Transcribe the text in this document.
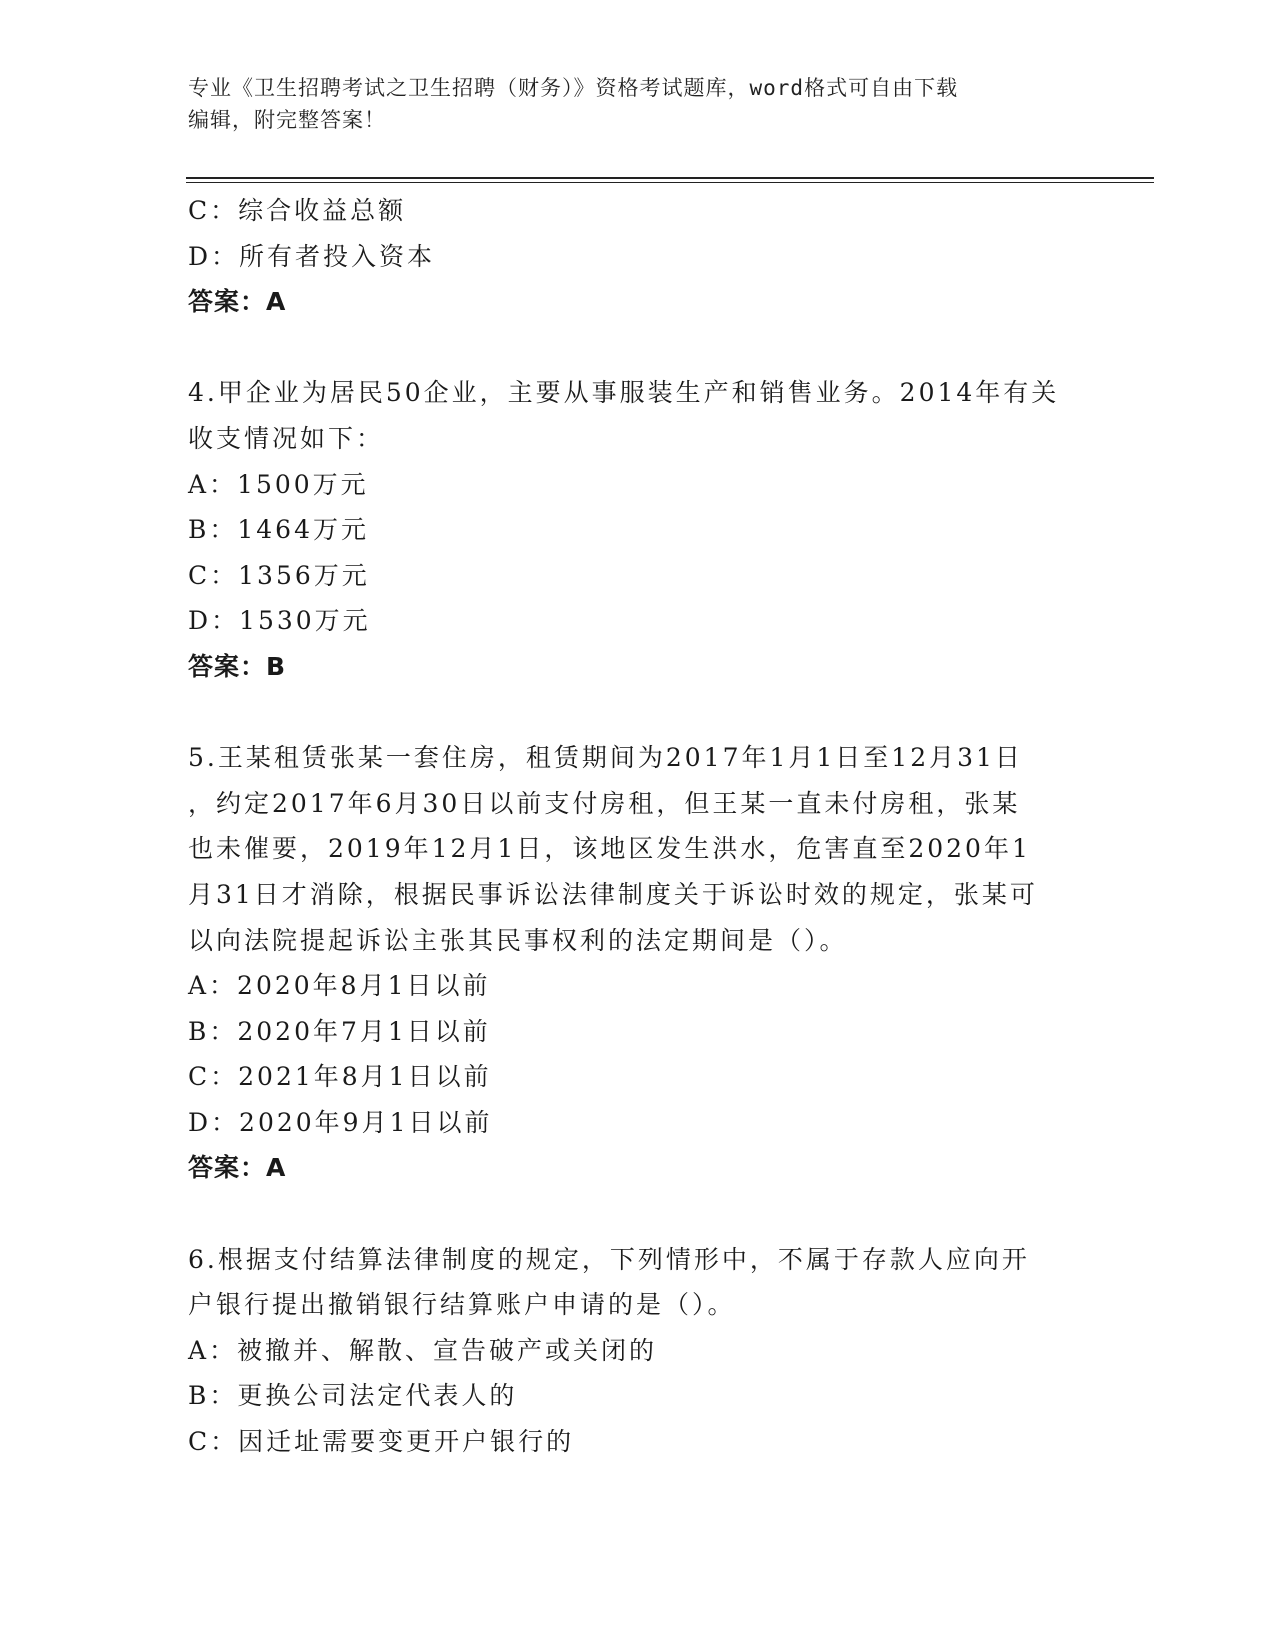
专业《卫生招聘考试之卫生招聘（财务）》资格考试题库，word格式可自由下载
编辑，附完整答案！
C：综合收益总额
D：所有者投入资本
答案：A
4.甲企业为居民50企业，主要从事服装生产和销售业务。2014年有关
收支情况如下：
A：1500万元
B：1464万元
C：1356万元
D：1530万元
答案：B
5.王某租赁张某一套住房，租赁期间为2017年1月1日至12月31日
，约定2017年6月30日以前支付房租，但王某一直未付房租，张某
也未催要，2019年12月1日，该地区发生洪水，危害直至2020年1
月31日才消除，根据民事诉讼法律制度关于诉讼时效的规定，张某可
以向法院提起诉讼主张其民事权利的法定期间是（）。
A：2020年8月1日以前
B：2020年7月1日以前
C：2021年8月1日以前
D：2020年9月1日以前
答案：A
6.根据支付结算法律制度的规定，下列情形中，不属于存款人应向开
户银行提出撤销银行结算账户申请的是（）。
A：被撤并、解散、宣告破产或关闭的
B：更换公司法定代表人的
C：因迁址需要变更开户银行的
